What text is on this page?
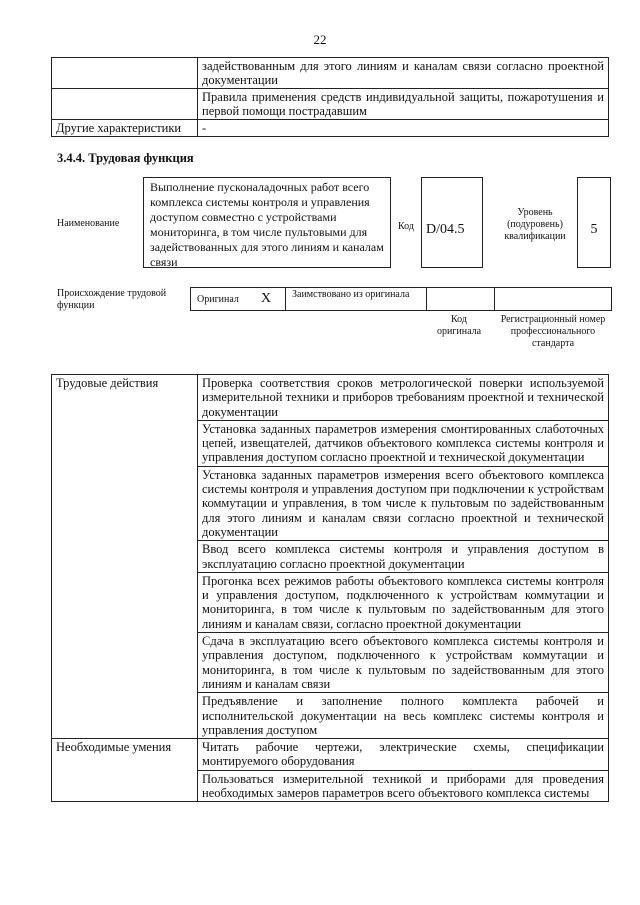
22
	задействованным для этого линиям и каналам связи согласно проектной документации
	Правила применения средств индивидуальной защиты, пожаротушения и первой помощи пострадавшим
Другие характеристики	-
3.4.4. Трудовая функция
Наименование
Выполнение пусконаладочных работ всего комплекса системы контроля и управления доступом совместно с устройствами мониторинга, в том числе пультовыми для задействованных для этого линиям и каналам связи
Код D/04.5
Уровень (подуровень) квалификации	5
Происхождение трудовой функции
Оригинал X Заимствовано из оригинала
Код оригинала
Регистрационный номер профессионального стандарта
Трудовые действия	Проверка соответствия сроков метрологической поверки используемой измерительной техники и приборов требованиям проектной и технической документации
	Установка заданных параметров измерения смонтированных слаботочных цепей, извещателей, датчиков объектового комплекса системы контроля и управления доступом согласно проектной и технической документации
	Установка заданных параметров измерения всего объектового комплекса системы контроля и управления доступом при подключении к устройствам коммутации и управления, в том числе к пультовым по задействованным для этого линиям и каналам связи согласно проектной и технической документации
	Ввод всего комплекса системы контроля и управления доступом в эксплуатацию согласно проектной документации
	Прогонка всех режимов работы объектового комплекса системы контроля и управления доступом, подключенного к устройствам коммутации и мониторинга, в том числе к пультовым по задействованным для этого линиям и каналам связи, согласно проектной документации
	Сдача в эксплуатацию всего объектового комплекса системы контроля и управления доступом, подключенного к устройствам коммутации и мониторинга, в том числе к пультовым по задействованным для этого линиям и каналам связи
	Предъявление и заполнение полного комплекта рабочей и исполнительской документации на весь комплекс системы контроля и управления доступом
Необходимые умения	Читать рабочие чертежи, электрические схемы, спецификации монтируемого оборудования
	Пользоваться измерительной техникой и приборами для проведения необходимых замеров параметров всего объектового комплекса системы
